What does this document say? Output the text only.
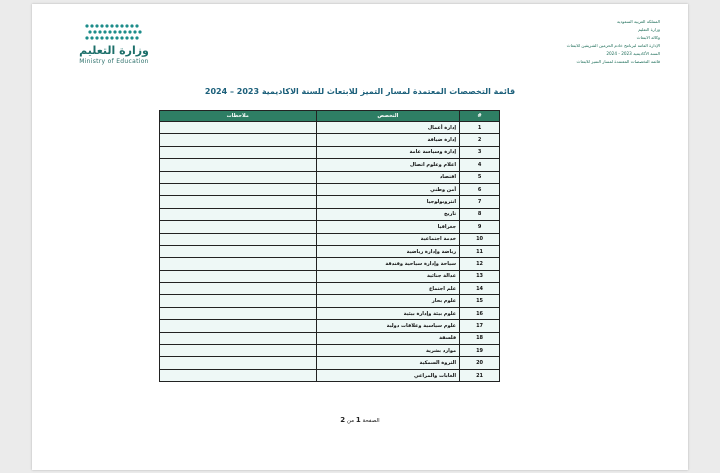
وزارة التعليم
Ministry of Education
المملكة العربية السعودية
وزارة التعليم
وكالة الابتعاث
الإدارة العامة لبرنامج خادم الحرمين الشريفين للابتعاث
السنة الأكاديمية 2023 - 2024
قائمة التخصصات المعتمدة لمسار التميز للابتعاث
قائمة التخصصات المعتمدة لمسار التميز للابتعاث للسنة الاكاديمية 2023 – 2024
#	التخصص	ملاحظات
1	إدارة أعمال	
2	إدارة ضيافة	
3	إدارة وسياسة عامة	
4	اعلام وعلوم اتصال	
5	اقتصاد	
6	أمن وطني	
7	انثروبولوجيا	
8	تاريخ	
9	جغرافيا	
10	خدمة اجتماعية	
11	رياضة وإدارة رياضية	
12	سياحة وإدارة سياحية وفندقة	
13	عدالة جنائية	
14	علم اجتماع	
15	علوم بحار	
16	علوم بيئة وإدارة بيئية	
17	علوم سياسية وعلاقات دولية	
18	فلسفة	
19	موارد بشرية	
20	الثروة السمكية	
21	الغابات والمراعي	
الصفحة 1 من 2
